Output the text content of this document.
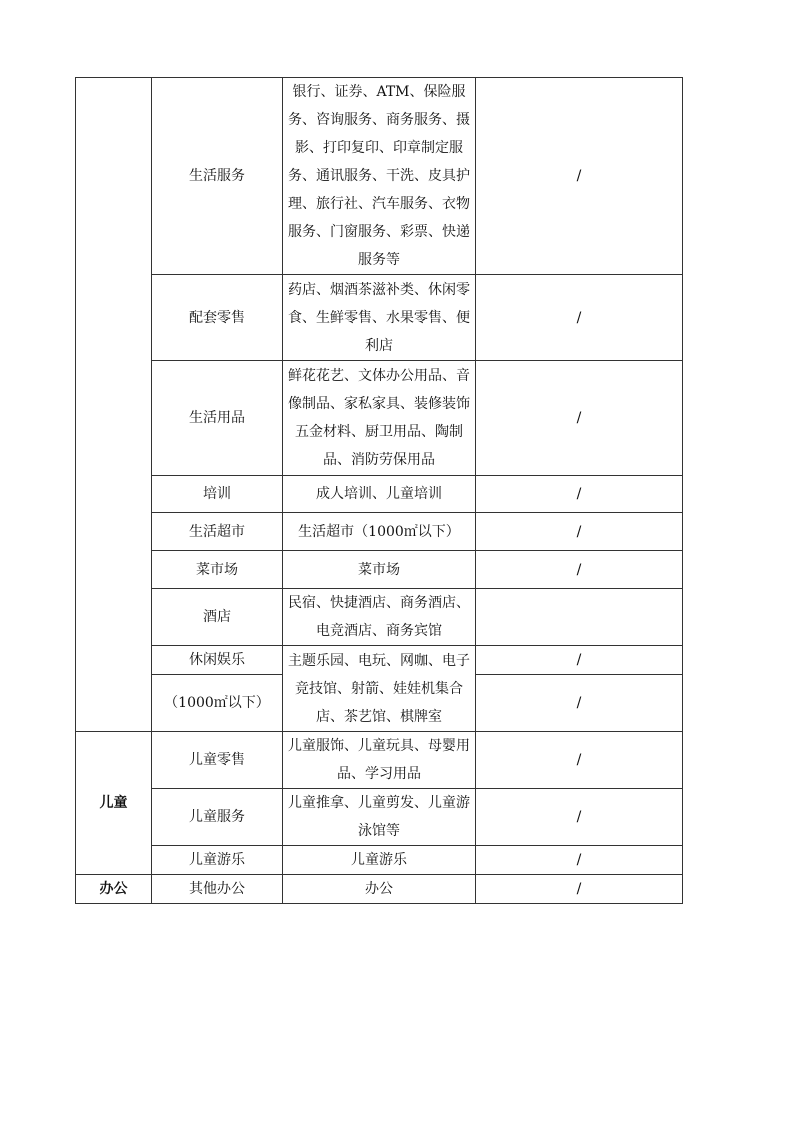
	生活服务	银行、证券、ATM、保险服务、咨询服务、商务服务、摄影、打印复印、印章制定服务、通讯服务、干洗、皮具护理、旅行社、汽车服务、衣物服务、门窗服务、彩票、快递服务等	/
	配套零售	药店、烟酒茶滋补类、休闲零食、生鲜零售、水果零售、便利店	/
	生活用品	鲜花花艺、文体办公用品、音像制品、家私家具、装修装饰五金材料、厨卫用品、陶制品、消防劳保用品	/
	培训	成人培训、儿童培训	/
	生活超市	生活超市（1000㎡以下）	/
	菜市场	菜市场	/
	酒店	民宿、快捷酒店、商务酒店、电竞酒店、商务宾馆	
	休闲娱乐	主题乐园、电玩、网咖、电子竞技馆、射箭、娃娃机集合店、茶艺馆、棋牌室	/
	（1000㎡以下）		/
儿童	儿童零售	儿童服饰、儿童玩具、母婴用品、学习用品	/
	儿童服务	儿童推拿、儿童剪发、儿童游泳馆等	/
	儿童游乐	儿童游乐	/
办公	其他办公	办公	/
